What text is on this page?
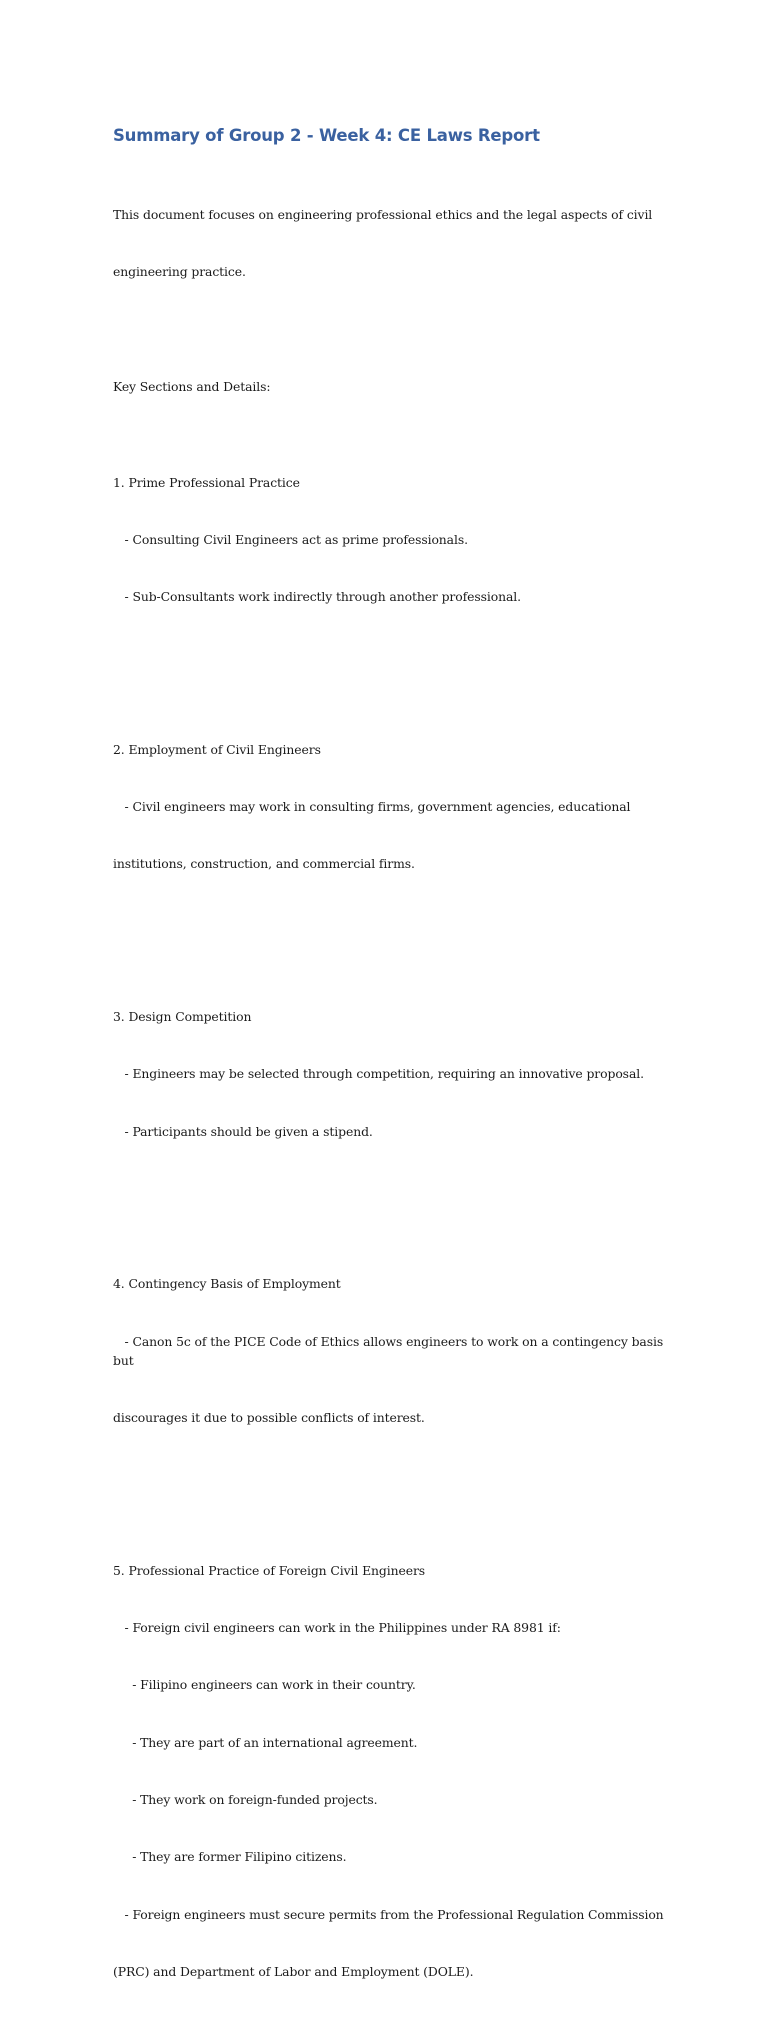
Summary of Group 2 - Week 4: CE Laws Report

This document focuses on engineering professional ethics and the legal aspects of civil

engineering practice.

Key Sections and Details:

1. Prime Professional Practice

- Consulting Civil Engineers act as prime professionals.

- Sub-Consultants work indirectly through another professional.

2. Employment of Civil Engineers

- Civil engineers may work in consulting firms, government agencies, educational

institutions, construction, and commercial firms.

3. Design Competition

- Engineers may be selected through competition, requiring an innovative proposal.

- Participants should be given a stipend.

4. Contingency Basis of Employment

- Canon 5c of the PICE Code of Ethics allows engineers to work on a contingency basis but

discourages it due to possible conflicts of interest.

5. Professional Practice of Foreign Civil Engineers

- Foreign civil engineers can work in the Philippines under RA 8981 if:

- Filipino engineers can work in their country.

- They are part of an international agreement.

- They work on foreign-funded projects.

- They are former Filipino citizens.

- Foreign engineers must secure permits from the Professional Regulation Commission

(PRC) and Department of Labor and Employment (DOLE).
